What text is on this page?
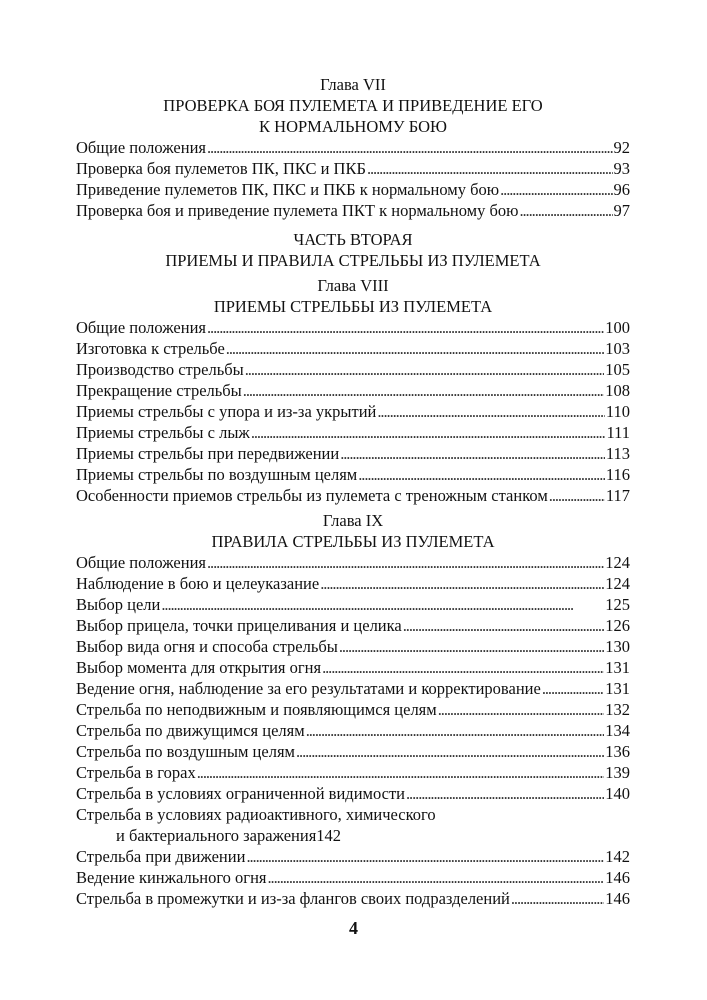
Глава VII
ПРОВЕРКА БОЯ ПУЛЕМЕТА И ПРИВЕДЕНИЕ ЕГО
К НОРМАЛЬНОМУ БОЮ
Общие положения . . .	92
Проверка боя пулеметов ПК, ПКС и ПКБ . . .	93
Приведение пулеметов ПК, ПКС и ПКБ к нормальному бою . . .	96
Проверка боя и приведение пулемета ПКТ к нормальному бою . . .	97
ЧАСТЬ ВТОРАЯ
ПРИЕМЫ И ПРАВИЛА СТРЕЛЬБЫ ИЗ ПУЛЕМЕТА
Глава VIII
ПРИЕМЫ СТРЕЛЬБЫ ИЗ ПУЛЕМЕТА
Общие положения . . .	100
Изготовка к стрельбе . . .	103
Производство стрельбы . . .	105
Прекращение стрельбы . . .	108
Приемы стрельбы с упора и из-за укрытий . . .	110
Приемы стрельбы с лыж . . .	111
Приемы стрельбы при передвижении . . .	113
Приемы стрельбы по воздушным целям . . .	116
Особенности приемов стрельбы из пулемета с треножным станком . . .	117
Глава IX
ПРАВИЛА СТРЕЛЬБЫ ИЗ ПУЛЕМЕТА
Общие положения . . .	124
Наблюдение в бою и целеуказание . . .	124
Выбор цели . . .	125
Выбор прицела, точки прицеливания и целика . . .	126
Выбор вида огня и способа стрельбы . . .	130
Выбор момента для открытия огня . . .	131
Ведение огня, наблюдение за его результатами и корректирование . . .	131
Стрельба по неподвижным и появляющимся целям . . .	132
Стрельба по движущимся целям . . .	134
Стрельба по воздушным целям . . .	136
Стрельба в горах . . .	139
Стрельба в условиях ограниченной видимости . . .	140
Стрельба в условиях радиоактивного, химического
и бактериального заражения 142
Стрельба при движении . . .	142
Ведение кинжального огня . . .	146
Стрельба в промежутки и из-за флангов своих подразделений . . .	146
4
